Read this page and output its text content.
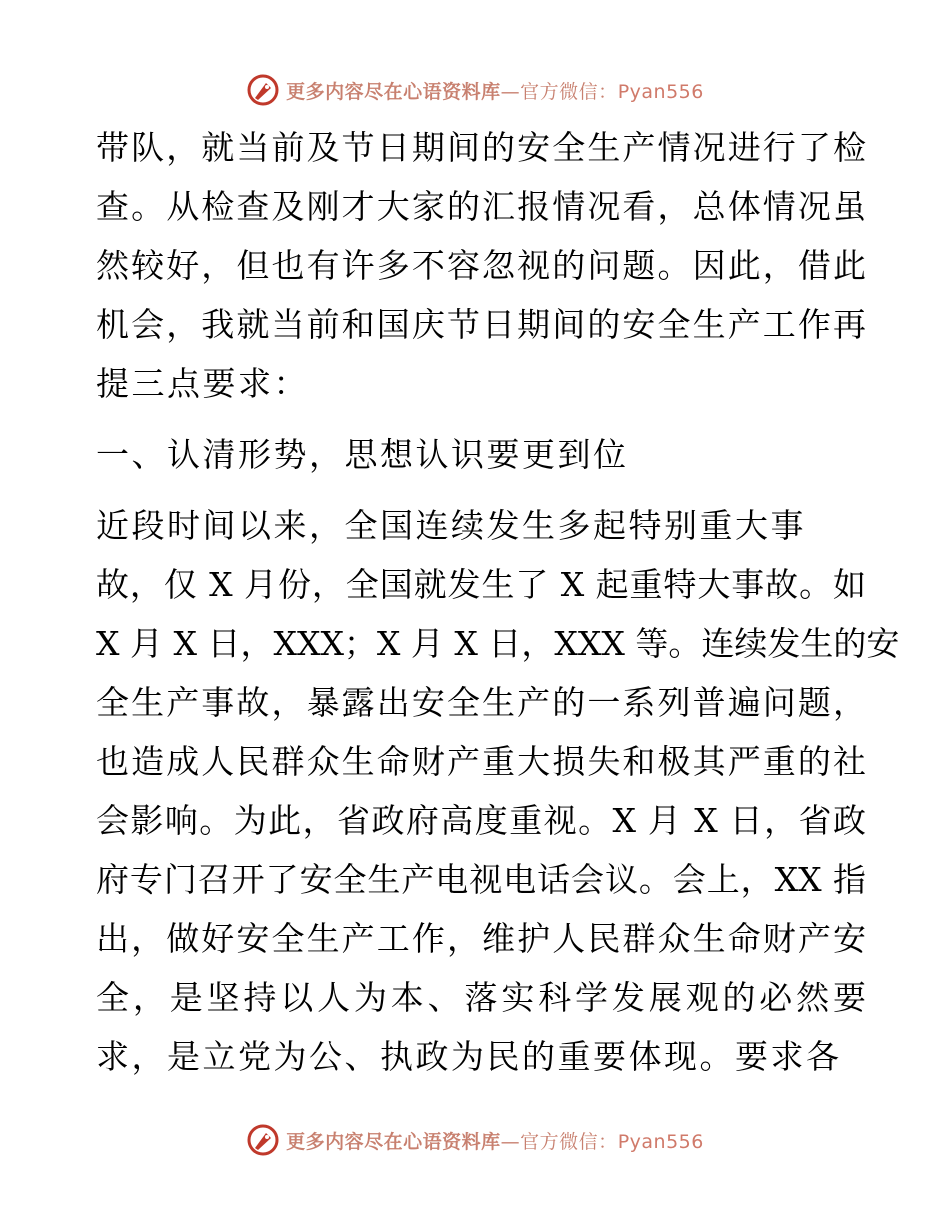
更多内容尽在心语资料库—官方微信：Pyan556
带队，就当前及节日期间的安全生产情况进行了检
查。从检查及刚才大家的汇报情况看，总体情况虽
然较好，但也有许多不容忽视的问题。因此，借此
机会，我就当前和国庆节日期间的安全生产工作再
提三点要求：
一、认清形势，思想认识要更到位
近段时间以来，全国连续发生多起特别重大事
故，仅 X 月份，全国就发生了 X 起重特大事故。如
X 月 X 日，XXX；X 月 X 日，XXX 等。连续发生的安
全生产事故，暴露出安全生产的一系列普遍问题，
也造成人民群众生命财产重大损失和极其严重的社
会影响。为此，省政府高度重视。X 月 X 日，省政
府专门召开了安全生产电视电话会议。会上，XX 指
出，做好安全生产工作，维护人民群众生命财产安
全，是坚持以人为本、落实科学发展观的必然要
求，是立党为公、执政为民的重要体现。要求各
更多内容尽在心语资料库—官方微信：Pyan556
